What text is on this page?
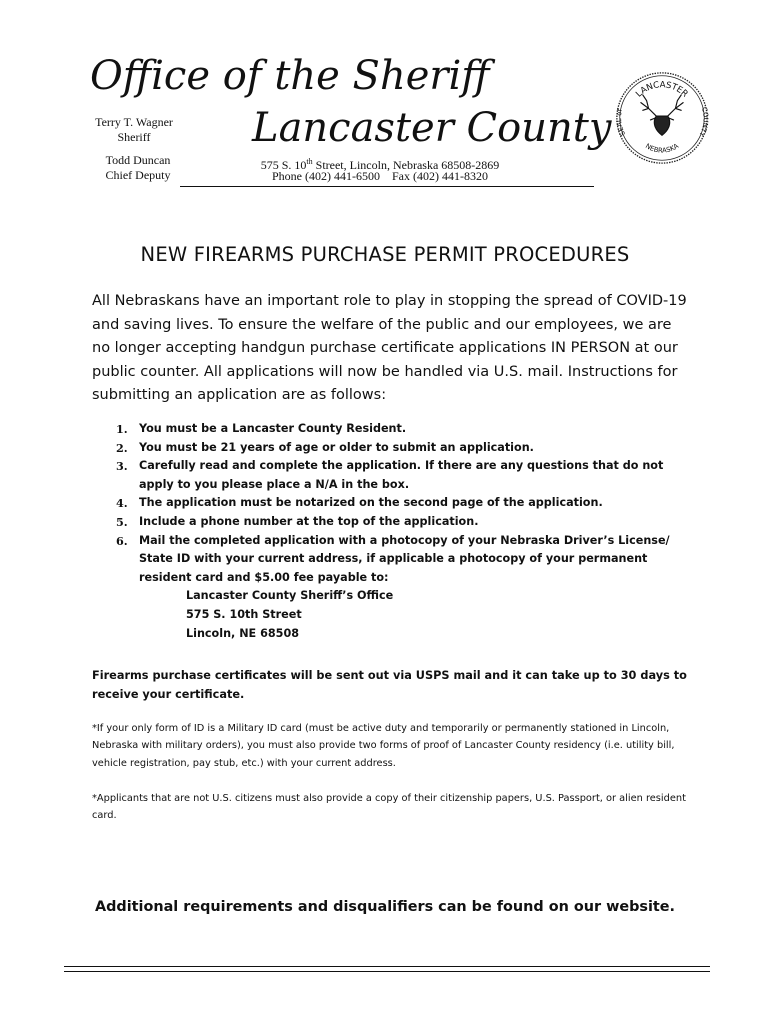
Office of the Sheriff
Lancaster County
Terry T. Wagner
Sheriff
Todd Duncan
Chief Deputy
575 S. 10th Street, Lincoln, Nebraska 68508-2869
Phone (402) 441-6500    Fax (402) 441-8320
LANCASTER
SEAL of	COUNTY
NEBRASKA
NEW FIREARMS PURCHASE PERMIT PROCEDURES
All Nebraskans have an important role to play in stopping the spread of COVID-19 and saving lives. To ensure the welfare of the public and our employees, we are no longer accepting handgun purchase certificate applications IN PERSON at our public counter. All applications will now be handled via U.S. mail. Instructions for submitting an application are as follows:
1.	You must be a Lancaster County Resident.
2.	You must be 21 years of age or older to submit an application.
3.	Carefully read and complete the application. If there are any questions that do not apply to you please place a N/A in the box.
4.	The application must be notarized on the second page of the application.
5.	Include a phone number at the top of the application.
6.	Mail the completed application with a photocopy of your Nebraska Driver’s License/ State ID with your current address, if applicable a photocopy of your permanent resident card and $5.00 fee payable to:
Lancaster County Sheriff’s Office
575 S. 10th Street
Lincoln, NE 68508
Firearms purchase certificates will be sent out via USPS mail and it can take up to 30 days to receive your certificate.
*If your only form of ID is a Military ID card (must be active duty and temporarily or permanently stationed in Lincoln, Nebraska with military orders), you must also provide two forms of proof of Lancaster County residency (i.e. utility bill, vehicle registration, pay stub, etc.) with your current address.
*Applicants that are not U.S. citizens must also provide a copy of their citizenship papers, U.S. Passport, or alien resident card.
Additional requirements and disqualifiers can be found on our website.
